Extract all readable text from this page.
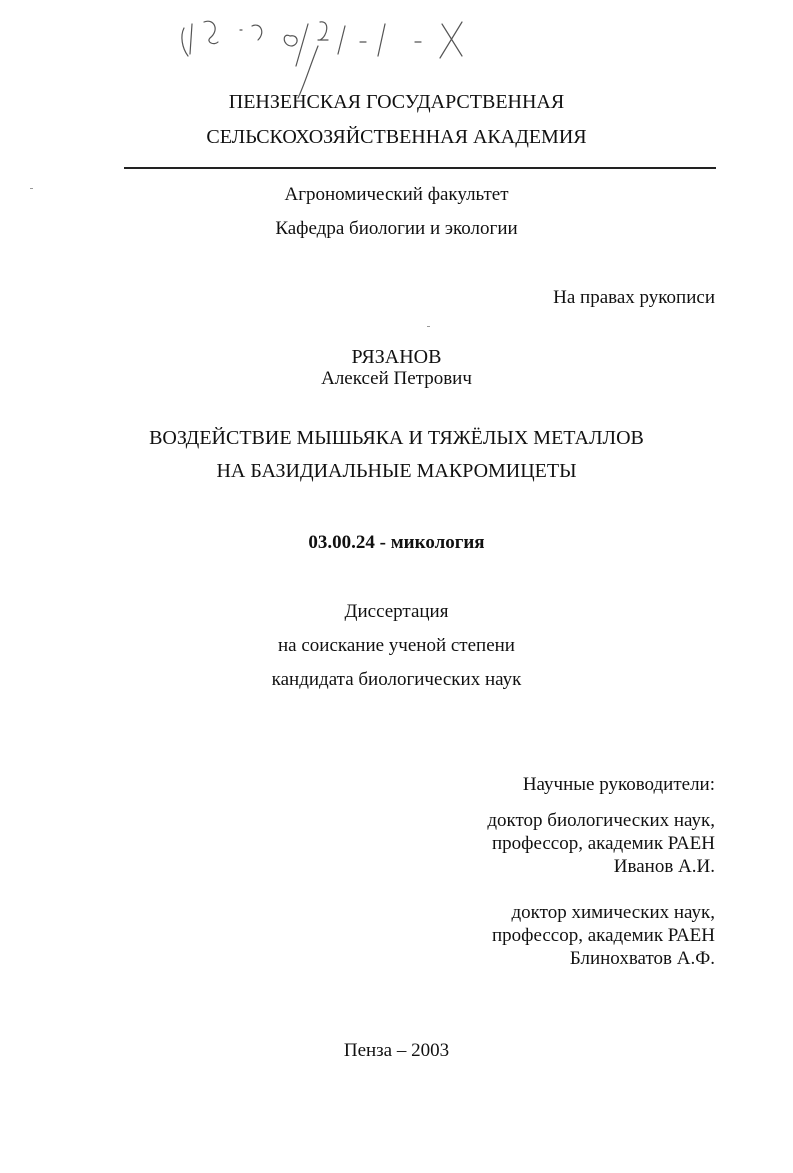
ПЕНЗЕНСКАЯ ГОСУДАРСТВЕННАЯ
СЕЛЬСКОХОЗЯЙСТВЕННАЯ АКАДЕМИЯ
Агрономический факультет
Кафедра биологии и экологии
На правах рукописи
РЯЗАНОВ
Алексей Петрович
ВОЗДЕЙСТВИЕ МЫШЬЯКА И ТЯЖЁЛЫХ МЕТАЛЛОВ
НА БАЗИДИАЛЬНЫЕ МАКРОМИЦЕТЫ
03.00.24 - микология
Диссертация
на соискание ученой степени
кандидата биологических наук
Научные руководители:
доктор биологических наук,
профессор, академик РАЕН
Иванов А.И.
доктор химических наук,
профессор, академик РАЕН
Блинохватов А.Ф.
Пенза – 2003
